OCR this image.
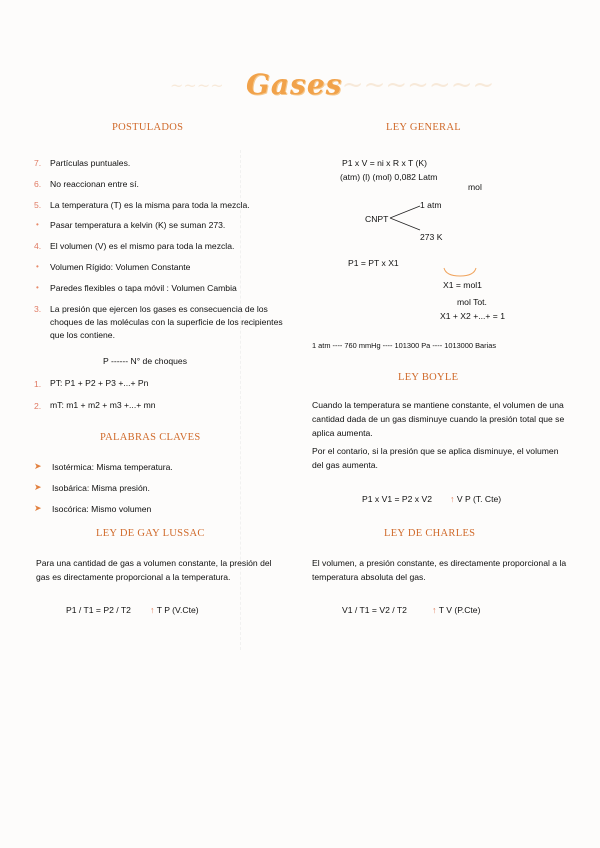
~~~~	~~~~~~~~
Gases
POSTULADOS
7. Partículas puntuales.
6. No reaccionan entre sí.
5. La temperatura (T) es la misma para toda la mezcla.
• Pasar temperatura a kelvin (K) se suman 273.
4. El volumen (V) es el mismo para toda la mezcla.
• Volumen Rígido: Volumen Constante
• Paredes flexibles o tapa móvil : Volumen Cambia
3. La presión que ejercen los gases es consecuencia de los choques de las moléculas con la superficie de los recipientes que los contiene.
P ------ N° de choques
1. PT: P1 + P2 + P3 +...+ Pn
2. mT: m1 + m2 + m3 +...+ mn
PALABRAS CLAVES
➤ Isotérmica: Misma temperatura.
➤ Isobárica: Misma presión.
➤ Isocórica: Mismo volumen
LEY DE GAY LUSSAC
Para una cantidad de gas a volumen constante, la presión del gas es directamente proporcional a la temperatura.
P1 / T1 = P2 / T2 ↑ T P (V.Cte)
LEY GENERAL
P1 x V = ni x R x T (K)
(atm) (l) (mol) 0,082 Latm
mol
1 atm
CNPT
273 K
P1 = PT x X1
X1 = mol1
mol Tot.
X1 + X2 +...+ = 1
1 atm ---- 760 mmHg ---- 101300 Pa ---- 1013000 Barias
LEY BOYLE
Cuando la temperatura se mantiene constante, el volumen de una cantidad dada de un gas disminuye cuando la presión total que se aplica aumenta.
Por el contario, si la presión que se aplica disminuye, el volumen del gas aumenta.
P1 x V1 = P2 x V2 ↑ V P (T. Cte)
LEY DE CHARLES
El volumen, a presión constante, es directamente proporcional a la temperatura absoluta del gas.
V1 / T1 = V2 / T2	↑ T V (P.Cte)
